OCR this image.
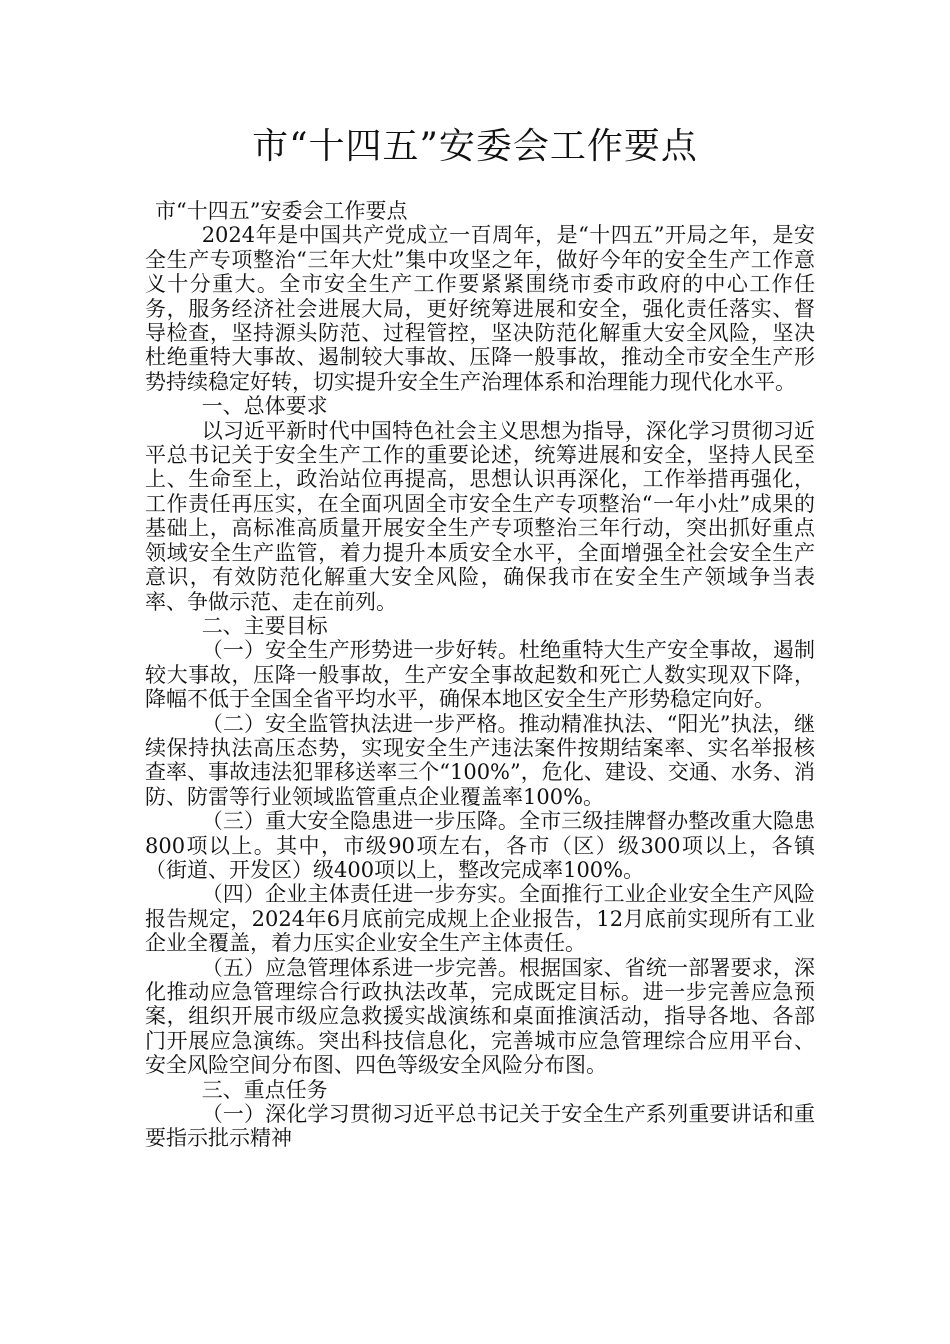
市“十四五”安委会工作要点

市“十四五”安委会工作要点

2024年是中国共产党成立一百周年，是“十四五”开局之年，是安全生产专项整治“三年大灶”集中攻坚之年，做好今年的安全生产工作意义十分重大。全市安全生产工作要紧紧围绕市委市政府的中心工作任务，服务经济社会进展大局，更好统筹进展和安全，强化责任落实、督导检查，坚持源头防范、过程管控，坚决防范化解重大安全风险，坚决杜绝重特大事故、遏制较大事故、压降一般事故，推动全市安全生产形势持续稳定好转，切实提升安全生产治理体系和治理能力现代化水平。

一、总体要求

以习近平新时代中国特色社会主义思想为指导，深化学习贯彻习近平总书记关于安全生产工作的重要论述，统筹进展和安全，坚持人民至上、生命至上，政治站位再提高，思想认识再深化，工作举措再强化，工作责任再压实，在全面巩固全市安全生产专项整治“一年小灶”成果的基础上，高标准高质量开展安全生产专项整治三年行动，突出抓好重点领域安全生产监管，着力提升本质安全水平，全面增强全社会安全生产意识，有效防范化解重大安全风险，确保我市在安全生产领域争当表率、争做示范、走在前列。

二、主要目标

（一）安全生产形势进一步好转。杜绝重特大生产安全事故，遏制较大事故，压降一般事故，生产安全事故起数和死亡人数实现双下降，降幅不低于全国全省平均水平，确保本地区安全生产形势稳定向好。

（二）安全监管执法进一步严格。推动精准执法、“阳光”执法，继续保持执法高压态势，实现安全生产违法案件按期结案率、实名举报核查率、事故违法犯罪移送率三个“100%”，危化、建设、交通、水务、消防、防雷等行业领域监管重点企业覆盖率100%。

（三）重大安全隐患进一步压降。全市三级挂牌督办整改重大隐患800项以上。其中，市级90项左右，各市（区）级300项以上，各镇（街道、开发区）级400项以上，整改完成率100%。

（四）企业主体责任进一步夯实。全面推行工业企业安全生产风险报告规定，2024年6月底前完成规上企业报告，12月底前实现所有工业企业全覆盖，着力压实企业安全生产主体责任。

（五）应急管理体系进一步完善。根据国家、省统一部署要求，深化推动应急管理综合行政执法改革，完成既定目标。进一步完善应急预案，组织开展市级应急救援实战演练和桌面推演活动，指导各地、各部门开展应急演练。突出科技信息化，完善城市应急管理综合应用平台、安全风险空间分布图、四色等级安全风险分布图。

三、重点任务

（一）深化学习贯彻习近平总书记关于安全生产系列重要讲话和重要指示批示精神
